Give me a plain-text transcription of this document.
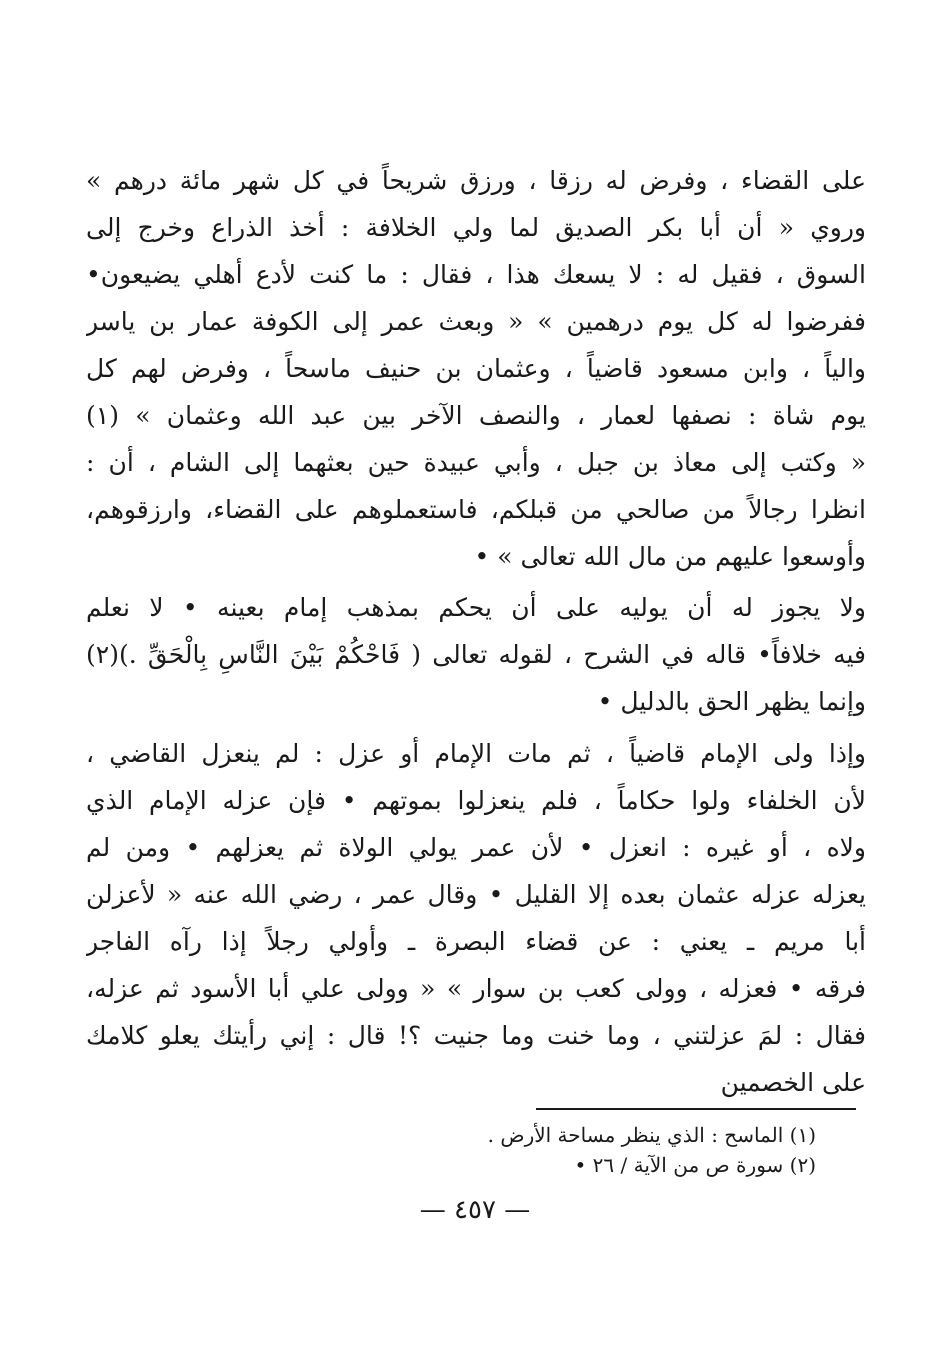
على القضاء ، وفرض له رزقا ، ورزق شريحاً في كل شهر مائة درهم »
وروي « أن أبا بكر الصديق لما ولي الخلافة : أخذ الذراع وخرج إلى
السوق ، فقيل له : لا يسعك هذا ، فقال : ما كنت لأدع أهلي يضيعون•
ففرضوا له كل يوم درهمين » « وبعث عمر إلى الكوفة عمار بن ياسر
والياً ، وابن مسعود قاضياً ، وعثمان بن حنيف ماسحاً ، وفرض لهم كل
يوم شاة : نصفها لعمار ، والنصف الآخر بين عبد الله وعثمان » (١)
« وكتب إلى معاذ بن جبل ، وأبي عبيدة حين بعثهما إلى الشام ، أن :
انظرا رجالاً من صالحي من قبلكم، فاستعملوهم على القضاء، وارزقوهم،
وأوسعوا عليهم من مال الله تعالى » •
ولا يجوز له أن يوليه على أن يحكم بمذهب إمام بعينه • لا نعلم
فيه خلافاً• قاله في الشرح ، لقوله تعالى ( فَاحْكُمْ بَيْنَ النَّاسِ بِالْحَقِّ .)(٢)
وإنما يظهر الحق بالدليل •
وإذا ولى الإمام قاضياً ، ثم مات الإمام أو عزل : لم ينعزل القاضي ،
لأن الخلفاء ولوا حكاماً ، فلم ينعزلوا بموتهم • فإن عزله الإمام الذي
ولاه ، أو غيره : انعزل • لأن عمر يولي الولاة ثم يعزلهم • ومن لم
يعزله عزله عثمان بعده إلا القليل • وقال عمر ، رضي الله عنه « لأعزلن
أبا مريم ـ يعني : عن قضاء البصرة ـ وأولي رجلاً إذا رآه الفاجر
فرقه • فعزله ، وولى كعب بن سوار » « وولى علي أبا الأسود ثم عزله،
فقال : لمَ عزلتني ، وما خنت وما جنيت ؟! قال : إني رأيتك يعلو كلامك
على الخصمين
(١) الماسح : الذي ينظر مساحة الأرض .
(٢) سورة ص من الآية / ٢٦ •
— ٤٥٧ —
